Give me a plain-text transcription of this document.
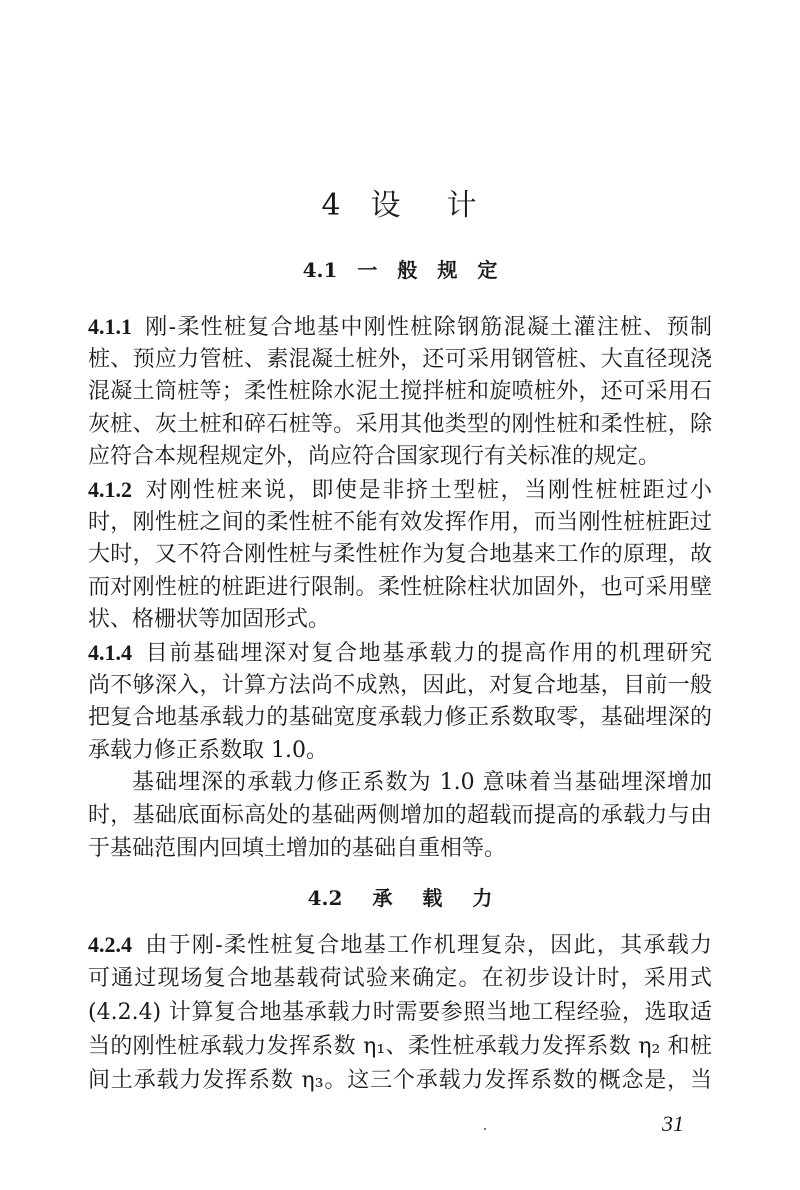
4 设 计
4.1 一 般 规 定
4.2 承 载 力
4.1.1 刚-柔性桩复合地基中刚性桩除钢筋混凝土灌注桩、预制
桩、预应力管桩、素混凝土桩外，还可采用钢管桩、大直径现浇
混凝土筒桩等；柔性桩除水泥土搅拌桩和旋喷桩外，还可采用石
灰桩、灰土桩和碎石桩等。采用其他类型的刚性桩和柔性桩，除
应符合本规程规定外，尚应符合国家现行有关标准的规定。
4.1.2 对刚性桩来说，即使是非挤土型桩，当刚性桩桩距过小
时，刚性桩之间的柔性桩不能有效发挥作用，而当刚性桩桩距过
大时，又不符合刚性桩与柔性桩作为复合地基来工作的原理，故
而对刚性桩的桩距进行限制。柔性桩除柱状加固外，也可采用壁
状、格栅状等加固形式。
4.1.4 目前基础埋深对复合地基承载力的提高作用的机理研究
尚不够深入，计算方法尚不成熟，因此，对复合地基，目前一般
把复合地基承载力的基础宽度承载力修正系数取零，基础埋深的
承载力修正系数取 1.0。
基础埋深的承载力修正系数为 1.0 意味着当基础埋深增加
时，基础底面标高处的基础两侧增加的超载而提高的承载力与由
于基础范围内回填土增加的基础自重相等。
4.2.4 由于刚-柔性桩复合地基工作机理复杂，因此，其承载力
可通过现场复合地基载荷试验来确定。在初步设计时，采用式
(4.2.4) 计算复合地基承载力时需要参照当地工程经验，选取适
当的刚性桩承载力发挥系数 η₁、柔性桩承载力发挥系数 η₂ 和桩
间土承载力发挥系数 η₃。这三个承载力发挥系数的概念是，当
31
